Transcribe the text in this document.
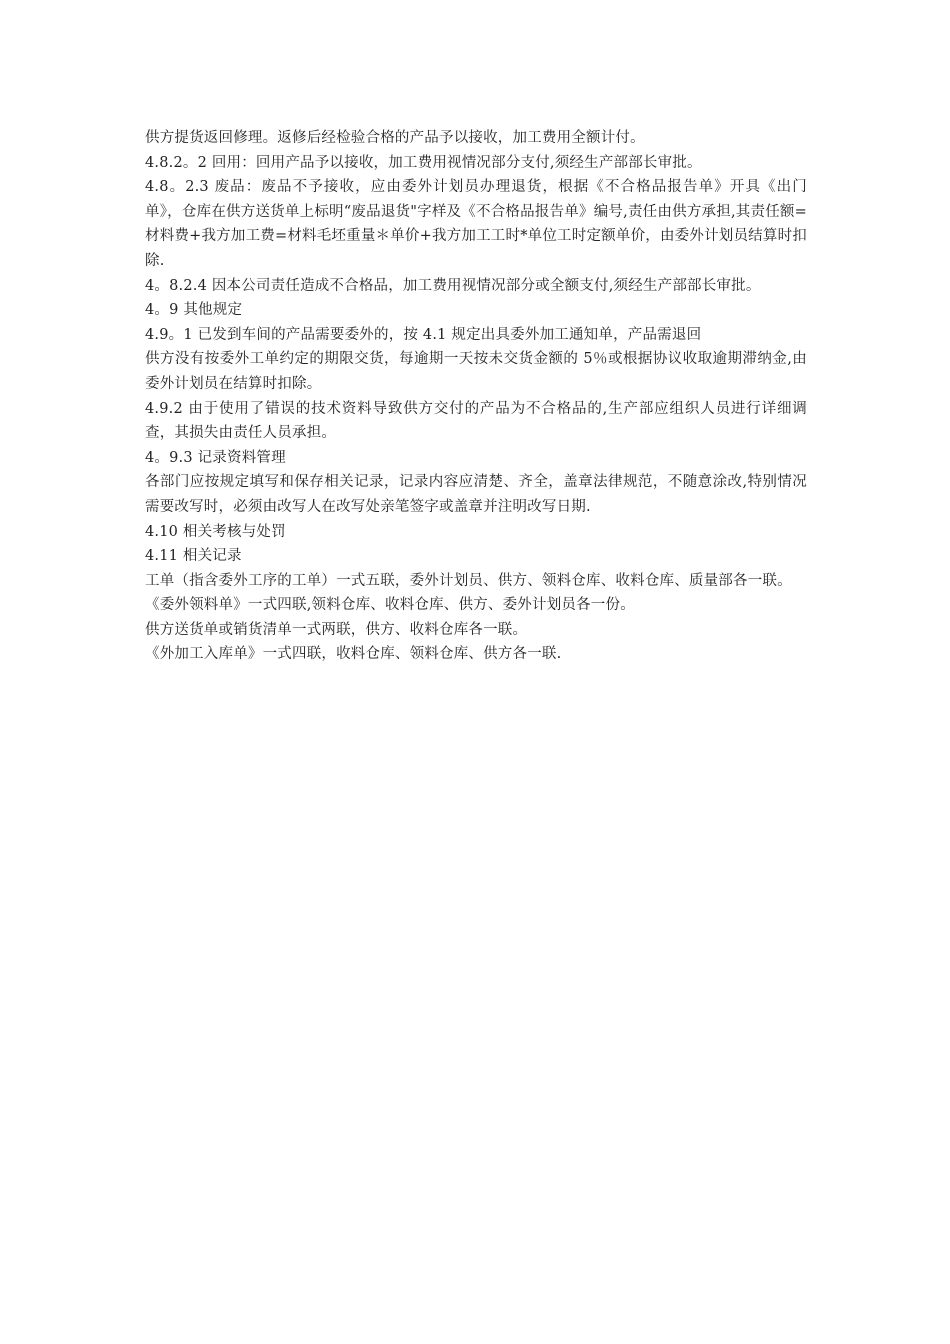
供方提货返回修理。返修后经检验合格的产品予以接收，加工费用全额计付。

4.8.2。2 回用：回用产品予以接收，加工费用视情况部分支付,须经生产部部长审批。

4.8。2.3 废品：废品不予接收，应由委外计划员办理退货，根据《不合格品报告单》开具《出门单》，仓库在供方送货单上标明“废品退货"字样及《不合格品报告单》编号,责任由供方承担,其责任额=材料费+我方加工费=材料毛坯重量＊单价+我方加工工时*单位工时定额单价，由委外计划员结算时扣除.

4。8.2.4 因本公司责任造成不合格品，加工费用视情况部分或全额支付,须经生产部部长审批。

4。9 其他规定

4.9。1 已发到车间的产品需要委外的，按 4.1 规定出具委外加工通知单，产品需退回

供方没有按委外工单约定的期限交货，每逾期一天按未交货金额的 5％或根据协议收取逾期滞纳金,由委外计划员在结算时扣除。

4.9.2 由于使用了错误的技术资料导致供方交付的产品为不合格品的,生产部应组织人员进行详细调查，其损失由责任人员承担。

4。9.3 记录资料管理

各部门应按规定填写和保存相关记录，记录内容应清楚、齐全，盖章法律规范，不随意涂改,特别情况需要改写时，必须由改写人在改写处亲笔签字或盖章并注明改写日期.

4.10 相关考核与处罚

4.11 相关记录

工单（指含委外工序的工单）一式五联，委外计划员、供方、领料仓库、收料仓库、质量部各一联。

《委外领料单》一式四联,领料仓库、收料仓库、供方、委外计划员各一份。

供方送货单或销货清单一式两联，供方、收料仓库各一联。

《外加工入库单》一式四联，收料仓库、领料仓库、供方各一联.
